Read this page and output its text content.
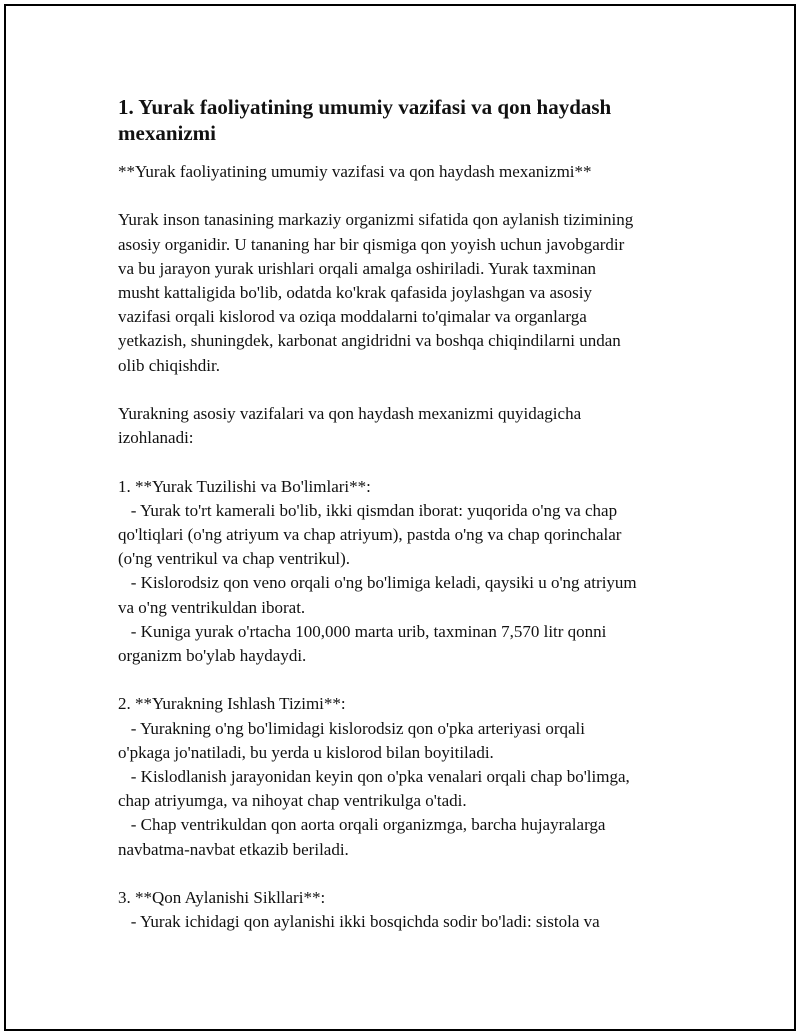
1. Yurak faoliyatining umumiy vazifasi va qon haydash
mexanizmi
**Yurak faoliyatining umumiy vazifasi va qon haydash mexanizmi**
Yurak inson tanasining markaziy organizmi sifatida qon aylanish tizimining
asosiy organidir. U tananing har bir qismiga qon yoyish uchun javobgardir
va bu jarayon yurak urishlari orqali amalga oshiriladi. Yurak taxminan
musht kattaligida bo'lib, odatda ko'krak qafasida joylashgan va asosiy
vazifasi orqali kislorod va oziqa moddalarni to'qimalar va organlarga
yetkazish, shuningdek, karbonat angidridni va boshqa chiqindilarni undan
olib chiqishdir.
Yurakning asosiy vazifalari va qon haydash mexanizmi quyidagicha
izohlanadi:
1. **Yurak Tuzilishi va Bo'limlari**:
- Yurak to'rt kamerali bo'lib, ikki qismdan iborat: yuqorida o'ng va chap
qo'ltiqlari (o'ng atriyum va chap atriyum), pastda o'ng va chap qorinchalar
(o'ng ventrikul va chap ventrikul).
- Kislorodsiz qon veno orqali o'ng bo'limiga keladi, qaysiki u o'ng atriyum
va o'ng ventrikuldan iborat.
- Kuniga yurak o'rtacha 100,000 marta urib, taxminan 7,570 litr qonni
organizm bo'ylab haydaydi.
2. **Yurakning Ishlash Tizimi**:
- Yurakning o'ng bo'limidagi kislorodsiz qon o'pka arteriyasi orqali
o'pkaga jo'natiladi, bu yerda u kislorod bilan boyitiladi.
- Kislodlanish jarayonidan keyin qon o'pka venalari orqali chap bo'limga,
chap atriyumga, va nihoyat chap ventrikulga o'tadi.
- Chap ventrikuldan qon aorta orqali organizmga, barcha hujayralarga
navbatma-navbat etkazib beriladi.
3. **Qon Aylanishi Sikllari**:
- Yurak ichidagi qon aylanishi ikki bosqichda sodir bo'ladi: sistola va
